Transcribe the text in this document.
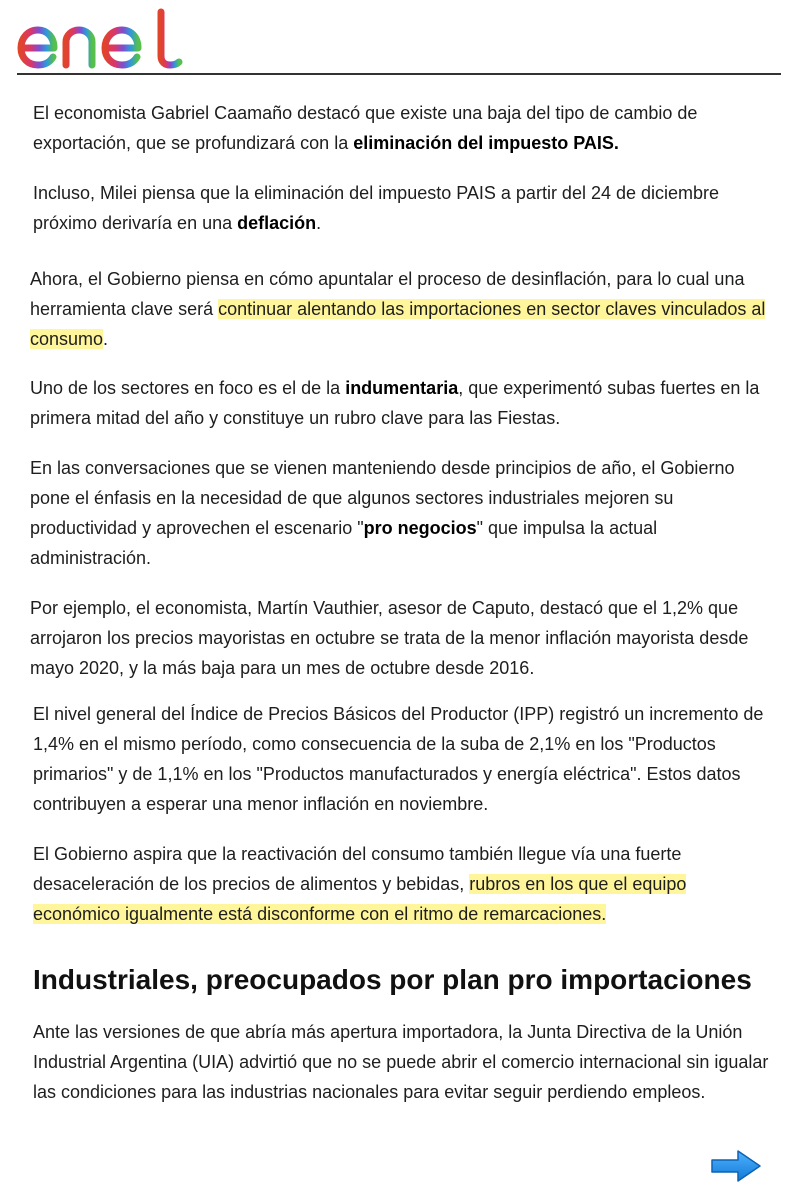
El economista Gabriel Caamaño destacó que existe una baja del tipo de cambio de exportación, que se profundizará con la eliminación del impuesto PAIS.

Incluso, Milei piensa que la eliminación del impuesto PAIS a partir del 24 de diciembre próximo derivaría en una deflación.

Ahora, el Gobierno piensa en cómo apuntalar el proceso de desinflación, para lo cual una herramienta clave será continuar alentando las importaciones en sector claves vinculados al consumo.

Uno de los sectores en foco es el de la indumentaria, que experimentó subas fuertes en la primera mitad del año y constituye un rubro clave para las Fiestas.

En las conversaciones que se vienen manteniendo desde principios de año, el Gobierno pone el énfasis en la necesidad de que algunos sectores industriales mejoren su productividad y aprovechen el escenario "pro negocios" que impulsa la actual administración.

Por ejemplo, el economista, Martín Vauthier, asesor de Caputo, destacó que el 1,2% que arrojaron los precios mayoristas en octubre se trata de la menor inflación mayorista desde mayo 2020, y la más baja para un mes de octubre desde 2016.

El nivel general del Índice de Precios Básicos del Productor (IPP) registró un incremento de 1,4% en el mismo período, como consecuencia de la suba de 2,1% en los "Productos primarios" y de 1,1% en los "Productos manufacturados y energía eléctrica". Estos datos contribuyen a esperar una menor inflación en noviembre.

El Gobierno aspira que la reactivación del consumo también llegue vía una fuerte desaceleración de los precios de alimentos y bebidas, rubros en los que el equipo económico igualmente está disconforme con el ritmo de remarcaciones.

Industriales, preocupados por plan pro importaciones

Ante las versiones de que abría más apertura importadora, la Junta Directiva de la Unión Industrial Argentina (UIA) advirtió que no se puede abrir el comercio internacional sin igualar las condiciones para las industrias nacionales para evitar seguir perdiendo empleos.
